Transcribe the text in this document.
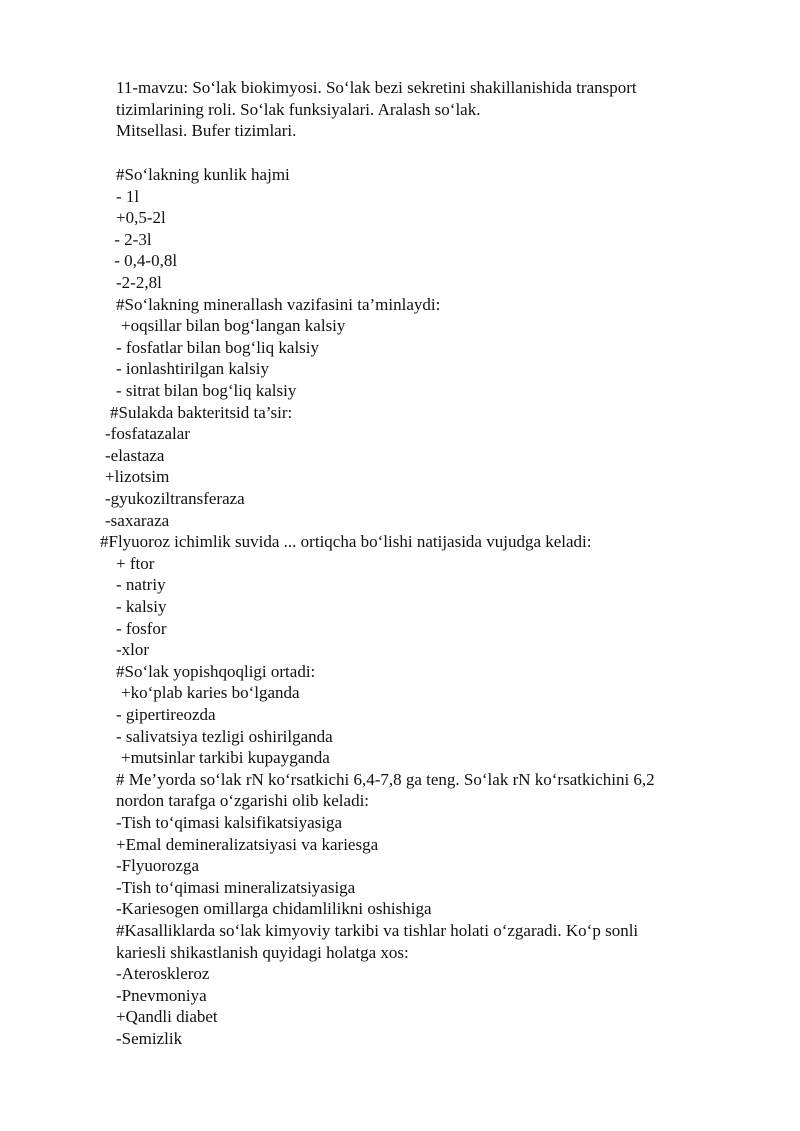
11-mavzu: So‘lak biokimyosi. So‘lak bezi sekretini shakillanishida transport
tizimlarining roli. So‘lak funksiyalari. Aralash so‘lak.
Mitsellasi. Bufer tizimlari.
#So‘lakning kunlik hajmi
- 1l
+0,5-2l
- 2-3l
- 0,4-0,8l
-2-2,8l
#So‘lakning minerallash vazifasini ta’minlaydi:
+oqsillar bilan bog‘langan kalsiy
- fosfatlar bilan bog‘liq kalsiy
- ionlashtirilgan kalsiy
- sitrat bilan bog‘liq kalsiy
#Sulakda bakteritsid ta’sir:
-fosfatazalar
-elastaza
+lizotsim
-gyukoziltransferaza
-saxaraza
#Flyuoroz ichimlik suvida ... ortiqcha bo‘lishi natijasida vujudga keladi:
+ ftor
- natriy
- kalsiy
- fosfor
-xlor
#So‘lak yopishqoqligi ortadi:
+ko‘plab karies bo‘lganda
- gipertireozda
- salivatsiya tezligi oshirilganda
+mutsinlar tarkibi kupayganda
# Me’yorda so‘lak rN ko‘rsatkichi 6,4-7,8 ga teng. So‘lak rN ko‘rsatkichini 6,2
nordon tarafga o‘zgarishi olib keladi:
-Tish to‘qimasi kalsifikatsiyasiga
+Emal demineralizatsiyasi va kariesga
-Flyuorozga
-Tish to‘qimasi mineralizatsiyasiga
-Kariesogen omillarga chidamlilikni oshishiga
#Kasalliklarda so‘lak kimyoviy tarkibi va tishlar holati o‘zgaradi. Ko‘p sonli
kariesli shikastlanish quyidagi holatga xos:
-Ateroskleroz
-Pnevmoniya
+Qandli diabet
-Semizlik
